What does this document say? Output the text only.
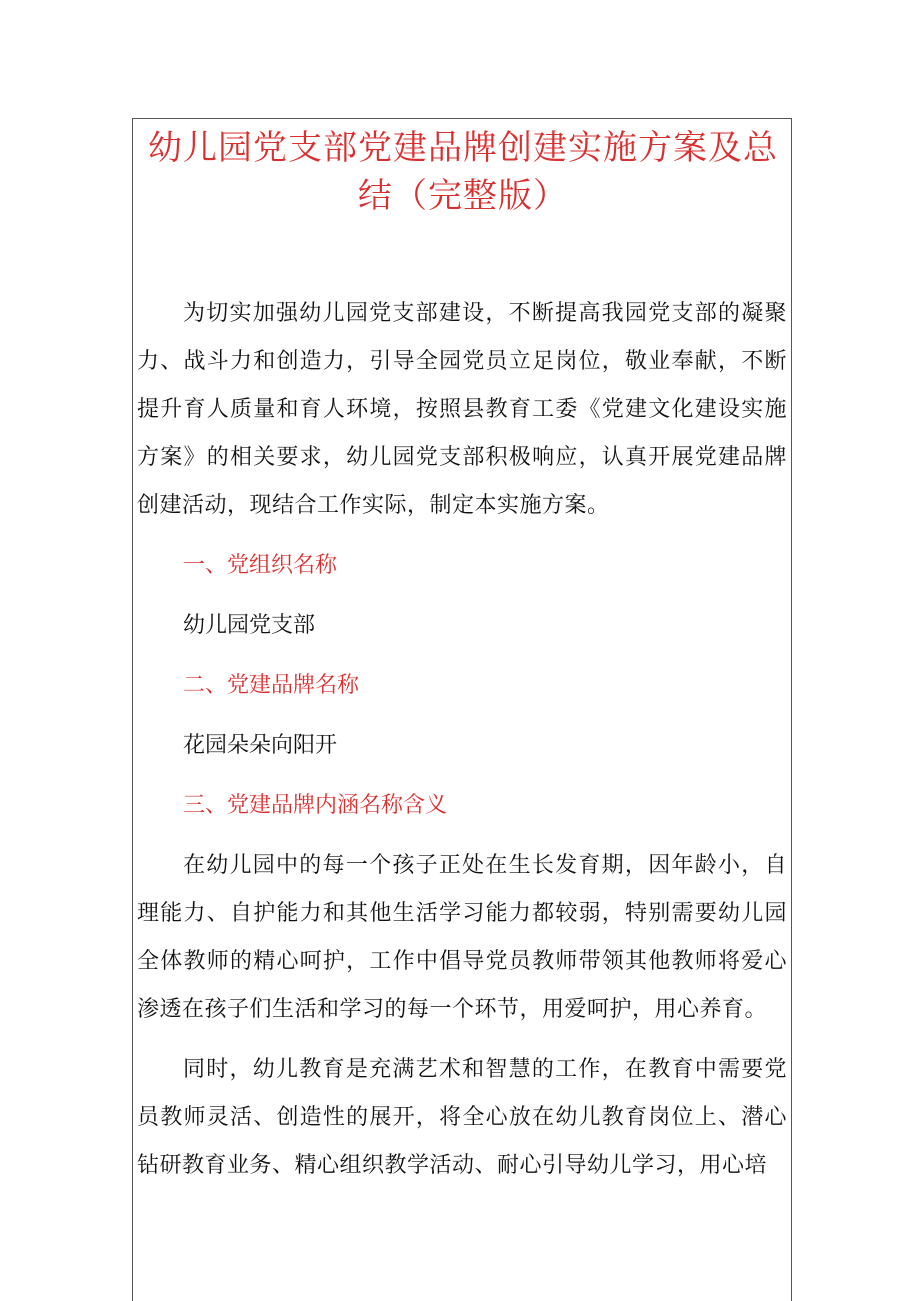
幼儿园党支部党建品牌创建实施方案及总
结（完整版）

为切实加强幼儿园党支部建设，不断提高我园党支部的凝聚力、战斗力和创造力，引导全园党员立足岗位，敬业奉献，不断提升育人质量和育人环境，按照县教育工委《党建文化建设实施方案》的相关要求，幼儿园党支部积极响应，认真开展党建品牌创建活动，现结合工作实际，制定本实施方案。

一、党组织名称
幼儿园党支部
二、党建品牌名称
花园朵朵向阳开
三、党建品牌内涵名称含义

在幼儿园中的每一个孩子正处在生长发育期，因年龄小，自理能力、自护能力和其他生活学习能力都较弱，特别需要幼儿园全体教师的精心呵护，工作中倡导党员教师带领其他教师将爱心渗透在孩子们生活和学习的每一个环节，用爱呵护，用心养育。

同时，幼儿教育是充满艺术和智慧的工作，在教育中需要党员教师灵活、创造性的展开，将全心放在幼儿教育岗位上、潜心钻研教育业务、精心组织教学活动、耐心引导幼儿学习，用心培
